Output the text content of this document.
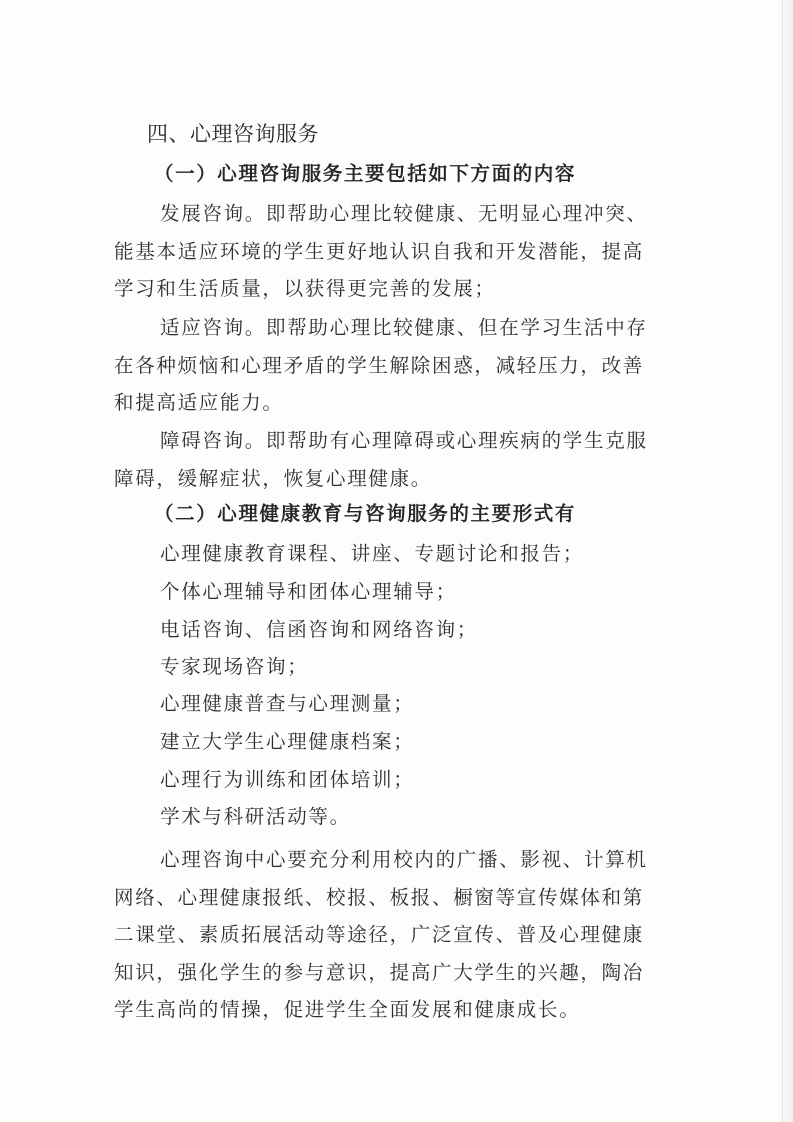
四、心理咨询服务
（一）心理咨询服务主要包括如下方面的内容

发展咨询。即帮助心理比较健康、无明显心理冲突、能基本适应环境的学生更好地认识自我和开发潜能，提高学习和生活质量，以获得更完善的发展；

适应咨询。即帮助心理比较健康、但在学习生活中存在各种烦恼和心理矛盾的学生解除困惑，减轻压力，改善和提高适应能力。

障碍咨询。即帮助有心理障碍或心理疾病的学生克服障碍，缓解症状，恢复心理健康。

（二）心理健康教育与咨询服务的主要形式有
心理健康教育课程、讲座、专题讨论和报告；
个体心理辅导和团体心理辅导；
电话咨询、信函咨询和网络咨询；
专家现场咨询；
心理健康普查与心理测量；
建立大学生心理健康档案；
心理行为训练和团体培训；
学术与科研活动等。

心理咨询中心要充分利用校内的广播、影视、计算机网络、心理健康报纸、校报、板报、橱窗等宣传媒体和第二课堂、素质拓展活动等途径，广泛宣传、普及心理健康知识，强化学生的参与意识，提高广大学生的兴趣，陶冶学生高尚的情操，促进学生全面发展和健康成长。
